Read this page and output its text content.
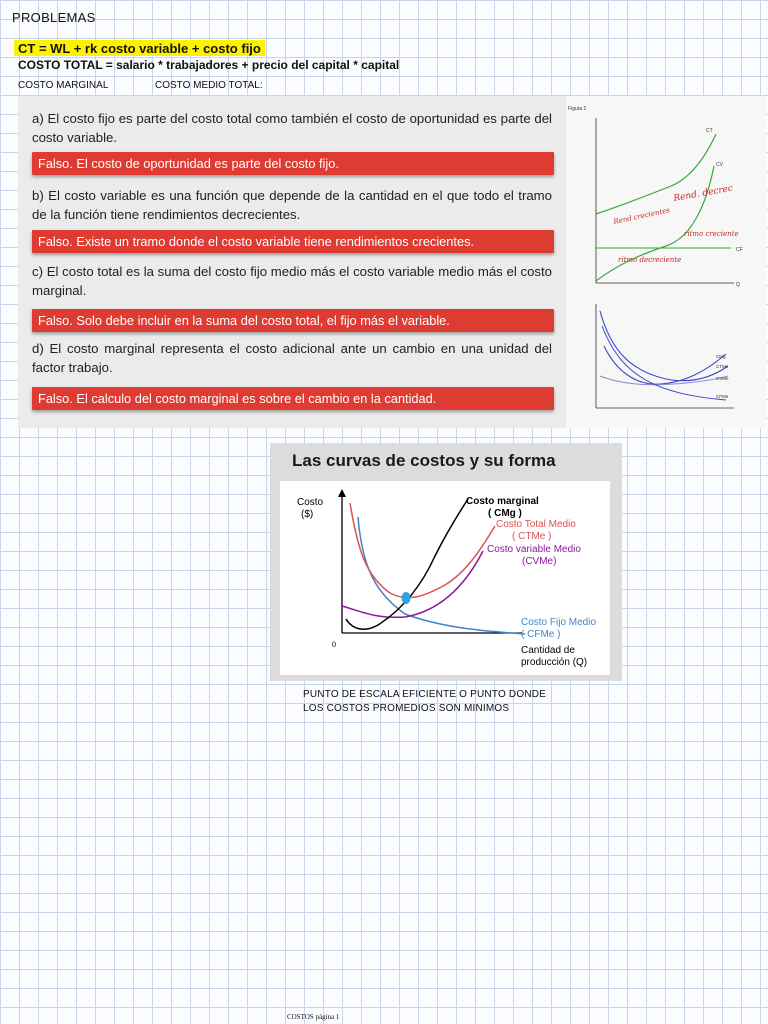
PROBLEMAS
CT = WL + rk costo variable + costo fijo
COSTO TOTAL = salario * trabajadores + precio del capital * capital
COSTO MARGINAL	COSTO MEDIO TOTAL:
a) El costo fijo es parte del costo total como también el costo de oportunidad es parte del costo variable.
Falso. El costo de oportunidad es parte del costo fijo.
b) El costo variable es una función que depende de la cantidad en el que todo el tramo de la función tiene rendimientos decrecientes.
Falso. Existe un tramo donde el costo variable tiene rendimientos crecientes.
c) El costo total es la suma del costo fijo medio más el costo variable medio más el costo marginal.
Falso. Solo debe incluir en la suma del costo total, el fijo más el variable.
d) El costo marginal representa el costo adicional ante un cambio en una unidad del factor trabajo.
Falso. El calculo del costo marginal es sobre el cambio en la cantidad.
Figura 2
Q
CT
CV
CF
Rend. decrec
Rend crecientes
ritmo creciente
ritmo decreciente
CMg
CTMe
CVMe
CFMe
Las curvas de costos y su forma
0
Costo
($)
Cantidad de
producción (Q)
Costo marginal
( CMg )
Costo Total Medio
( CTMe )
Costo variable Medio
(CVMe)
Costo Fijo Medio
( CFMe )
PUNTO DE ESCALA EFICIENTE O PUNTO DONDE
LOS COSTOS PROMEDIOS SON MINIMOS
COSTOS página 1
